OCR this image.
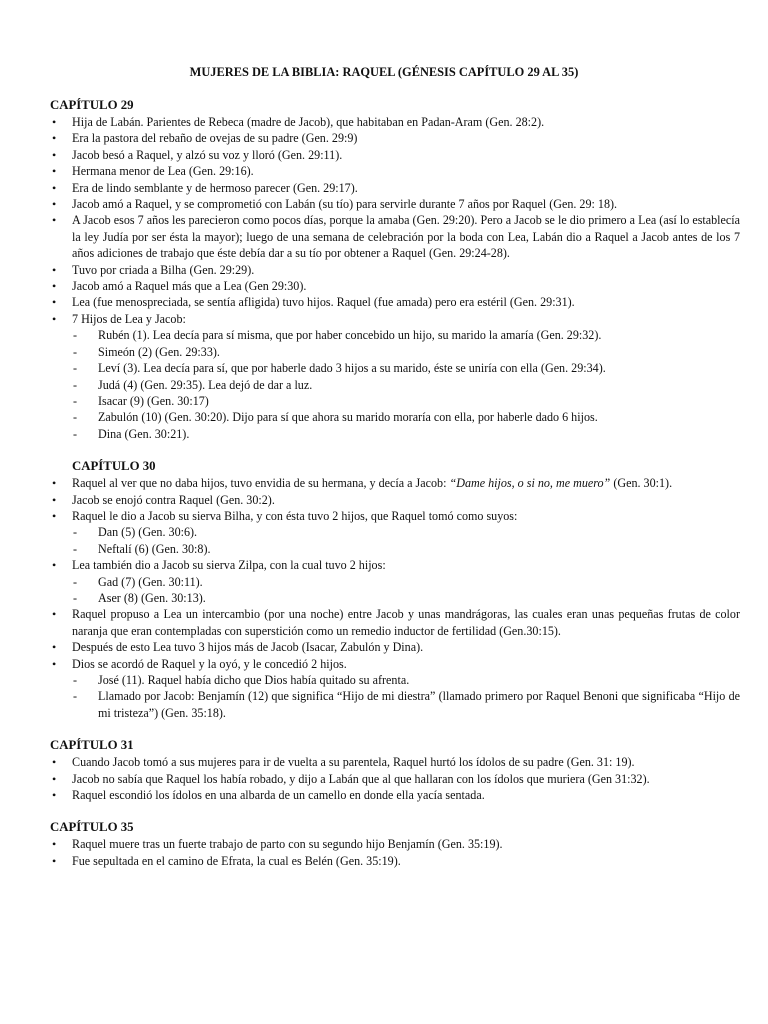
MUJERES DE LA BIBLIA: RAQUEL (GÉNESIS CAPÍTULO 29 AL 35)
CAPÍTULO 29
• Hija de Labán. Parientes de Rebeca (madre de Jacob), que habitaban en Padan-Aram (Gen. 28:2).
• Era la pastora del rebaño de ovejas de su padre (Gen. 29:9)
• Jacob besó a Raquel, y alzó su voz y lloró (Gen. 29:11).
• Hermana menor de Lea (Gen. 29:16).
• Era de lindo semblante y de hermoso parecer (Gen. 29:17).
• Jacob amó a Raquel, y se comprometió con Labán (su tío) para servirle durante 7 años por Raquel (Gen. 29: 18).
• A Jacob esos 7 años les parecieron como pocos días, porque la amaba (Gen. 29:20). Pero a Jacob se le dio primero a Lea (así lo establecía la ley Judía por ser ésta la mayor); luego de una semana de celebración por la boda con Lea, Labán dio a Raquel a Jacob antes de los 7 años adiciones de trabajo que éste debía dar a su tío por obtener a Raquel (Gen. 29:24-28).
• Tuvo por criada a Bilha (Gen. 29:29).
• Jacob amó a Raquel más que a Lea (Gen 29:30).
• Lea (fue menospreciada, se sentía afligida) tuvo hijos. Raquel (fue amada) pero era estéril (Gen. 29:31).
• 7 Hijos de Lea y Jacob:
- Rubén (1). Lea decía para sí misma, que por haber concebido un hijo, su marido la amaría (Gen. 29:32).
- Simeón (2) (Gen. 29:33).
- Leví (3). Lea decía para sí, que por haberle dado 3 hijos a su marido, éste se uniría con ella (Gen. 29:34).
- Judá (4) (Gen. 29:35). Lea dejó de dar a luz.
- Isacar (9) (Gen. 30:17)
- Zabulón (10) (Gen. 30:20). Dijo para sí que ahora su marido moraría con ella, por haberle dado 6 hijos.
- Dina (Gen. 30:21).
CAPÍTULO 30
• Raquel al ver que no daba hijos, tuvo envidia de su hermana, y decía a Jacob: “Dame hijos, o si no, me muero” (Gen. 30:1).
• Jacob se enojó contra Raquel (Gen. 30:2).
• Raquel le dio a Jacob su sierva Bilha, y con ésta tuvo 2 hijos, que Raquel tomó como suyos:
- Dan (5) (Gen. 30:6).
- Neftalí (6) (Gen. 30:8).
• Lea también dio a Jacob su sierva Zilpa, con la cual tuvo 2 hijos:
- Gad (7) (Gen. 30:11).
- Aser (8) (Gen. 30:13).
• Raquel propuso a Lea un intercambio (por una noche) entre Jacob y unas mandrágoras, las cuales eran unas pequeñas frutas de color naranja que eran contempladas con superstición como un remedio inductor de fertilidad (Gen.30:15).
• Después de esto Lea tuvo 3 hijos más de Jacob (Isacar, Zabulón y Dina).
• Dios se acordó de Raquel y la oyó, y le concedió 2 hijos.
- José (11). Raquel había dicho que Dios había quitado su afrenta.
- Llamado por Jacob: Benjamín (12) que significa “Hijo de mi diestra” (llamado primero por Raquel Benoni que significaba “Hijo de mi tristeza”) (Gen. 35:18).
CAPÍTULO 31
• Cuando Jacob tomó a sus mujeres para ir de vuelta a su parentela, Raquel hurtó los ídolos de su padre (Gen. 31: 19).
• Jacob no sabía que Raquel los había robado, y dijo a Labán que al que hallaran con los ídolos que muriera (Gen 31:32).
• Raquel escondió los ídolos en una albarda de un camello en donde ella yacía sentada.
CAPÍTULO 35
• Raquel muere tras un fuerte trabajo de parto con su segundo hijo Benjamín (Gen. 35:19).
• Fue sepultada en el camino de Efrata, la cual es Belén (Gen. 35:19).
